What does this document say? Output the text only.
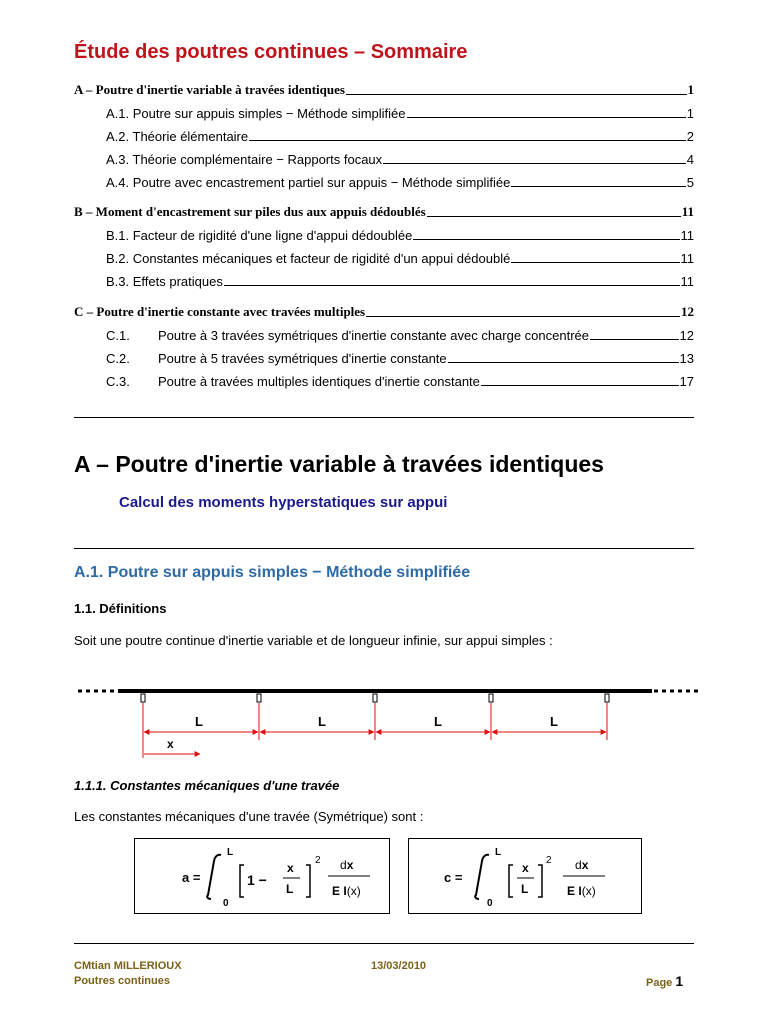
Étude des poutres continues – Sommaire
A – Poutre d'inertie variable à travées identiques	1
A.1. Poutre sur appuis simples − Méthode simplifiée	1
A.2. Théorie élémentaire	2
A.3. Théorie complémentaire − Rapports focaux	4
A.4. Poutre avec encastrement partiel sur appuis − Méthode simplifiée	5
B – Moment d'encastrement sur piles dus aux appuis dédoublés	11
B.1. Facteur de rigidité d'une ligne d'appui dédoublée	11
B.2. Constantes mécaniques et facteur de rigidité d'un appui dédoublé	11
B.3. Effets pratiques	11
C – Poutre d'inertie constante avec travées multiples	12
C.1. Poutre à 3 travées symétriques d'inertie constante avec charge concentrée	12
C.2. Poutre à 5 travées symétriques d'inertie constante	13
C.3. Poutre à travées multiples identiques d'inertie constante	17
A – Poutre d'inertie variable à travées identiques
Calcul des moments hyperstatiques sur appui
A.1. Poutre sur appuis simples − Méthode simplifiée
1.1. Définitions
Soit une poutre continue d'inertie variable et de longueur infinie, sur appui simples :
L	L	L	L
x
1.1.1. Constantes mécaniques d'une travée
Les constantes mécaniques d'une travée (Symétrique) sont :
a =
L
0
1 −
x
L
2 dx
E I(x)
c =
L
0
x
L
2 dx
E I(x)
CMtian MILLERIOUX
Poutres continues
13/03/2010
Page 1
